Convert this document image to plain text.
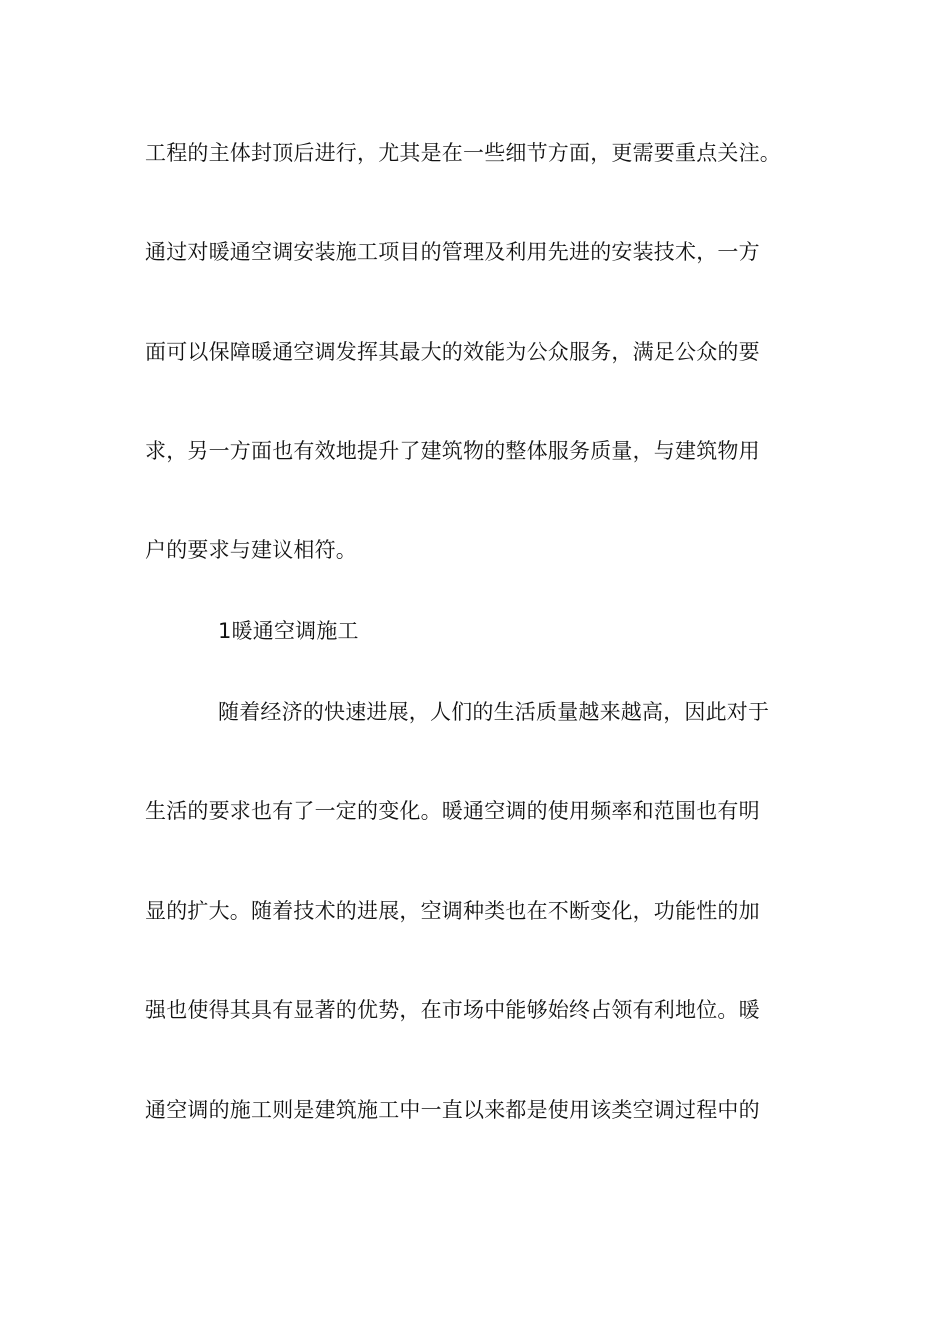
工程的主体封顶后进行，尤其是在一些细节方面，更需要重点关注。
通过对暖通空调安装施工项目的管理及利用先进的安装技术，一方
面可以保障暖通空调发挥其最大的效能为公众服务，满足公众的要
求，另一方面也有效地提升了建筑物的整体服务质量，与建筑物用
户的要求与建议相符。
1暖通空调施工
随着经济的快速进展，人们的生活质量越来越高，因此对于
生活的要求也有了一定的变化。暖通空调的使用频率和范围也有明
显的扩大。随着技术的进展，空调种类也在不断变化，功能性的加
强也使得其具有显著的优势，在市场中能够始终占领有利地位。暖
通空调的施工则是建筑施工中一直以来都是使用该类空调过程中的
